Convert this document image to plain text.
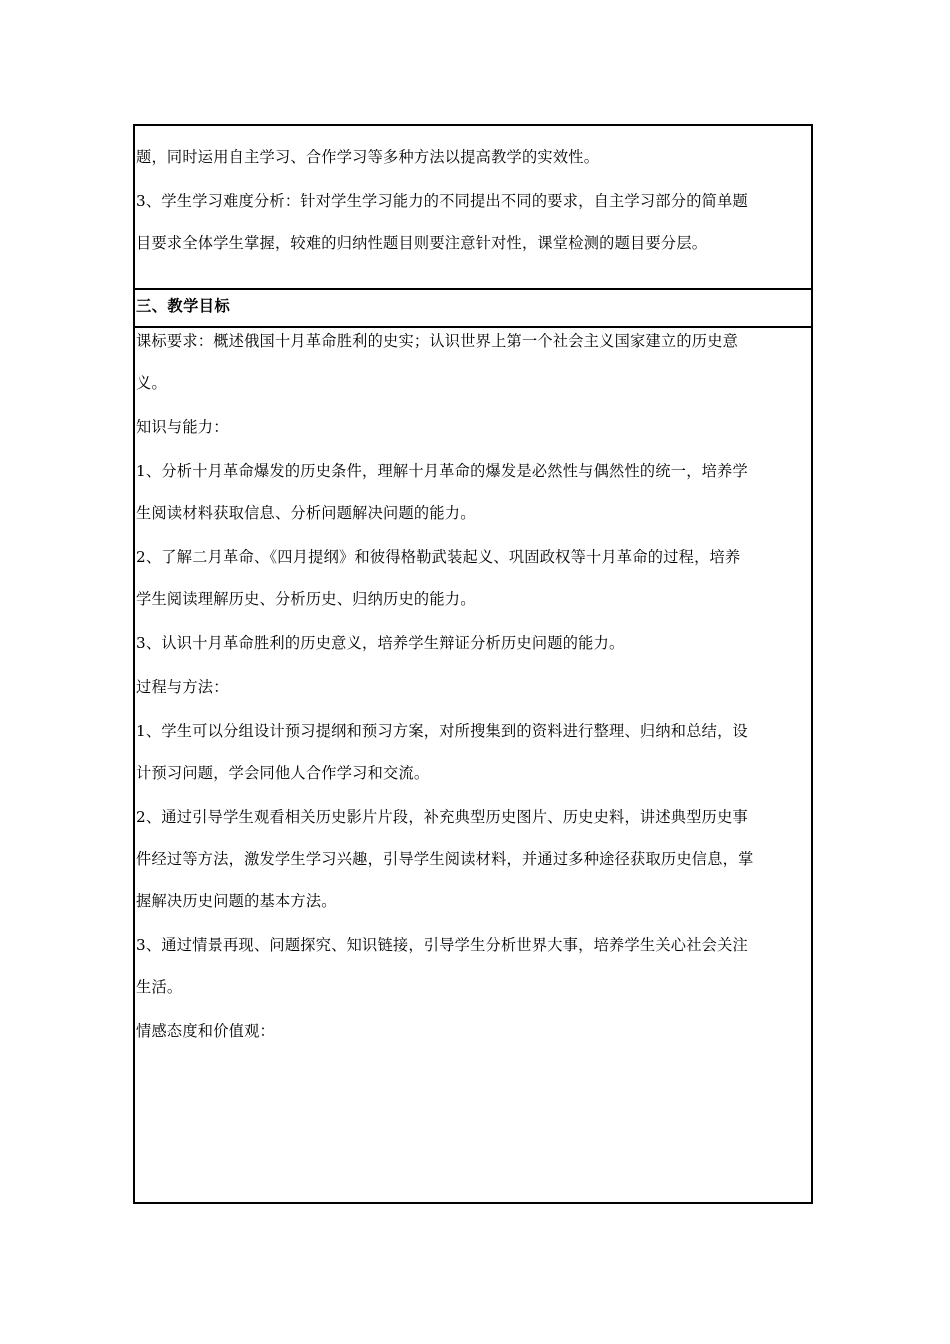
题，同时运用自主学习、合作学习等多种方法以提高教学的实效性。

3、学生学习难度分析：针对学生学习能力的不同提出不同的要求，自主学习部分的简单题
目要求全体学生掌握，较难的归纳性题目则要注意针对性，课堂检测的题目要分层。

三、教学目标

课标要求：概述俄国十月革命胜利的史实；认识世界上第一个社会主义国家建立的历史意
义。

知识与能力：

1、分析十月革命爆发的历史条件，理解十月革命的爆发是必然性与偶然性的统一，培养学
生阅读材料获取信息、分析问题解决问题的能力。

2、了解二月革命、《四月提纲》和彼得格勒武装起义、巩固政权等十月革命的过程，培养
学生阅读理解历史、分析历史、归纳历史的能力。

3、认识十月革命胜利的历史意义，培养学生辩证分析历史问题的能力。

过程与方法：

1、学生可以分组设计预习提纲和预习方案，对所搜集到的资料进行整理、归纳和总结，设
计预习问题，学会同他人合作学习和交流。

2、通过引导学生观看相关历史影片片段，补充典型历史图片、历史史料，讲述典型历史事
件经过等方法，激发学生学习兴趣，引导学生阅读材料，并通过多种途径获取历史信息，掌
握解决历史问题的基本方法。

3、通过情景再现、问题探究、知识链接，引导学生分析世界大事，培养学生关心社会关注
生活。

情感态度和价值观：
